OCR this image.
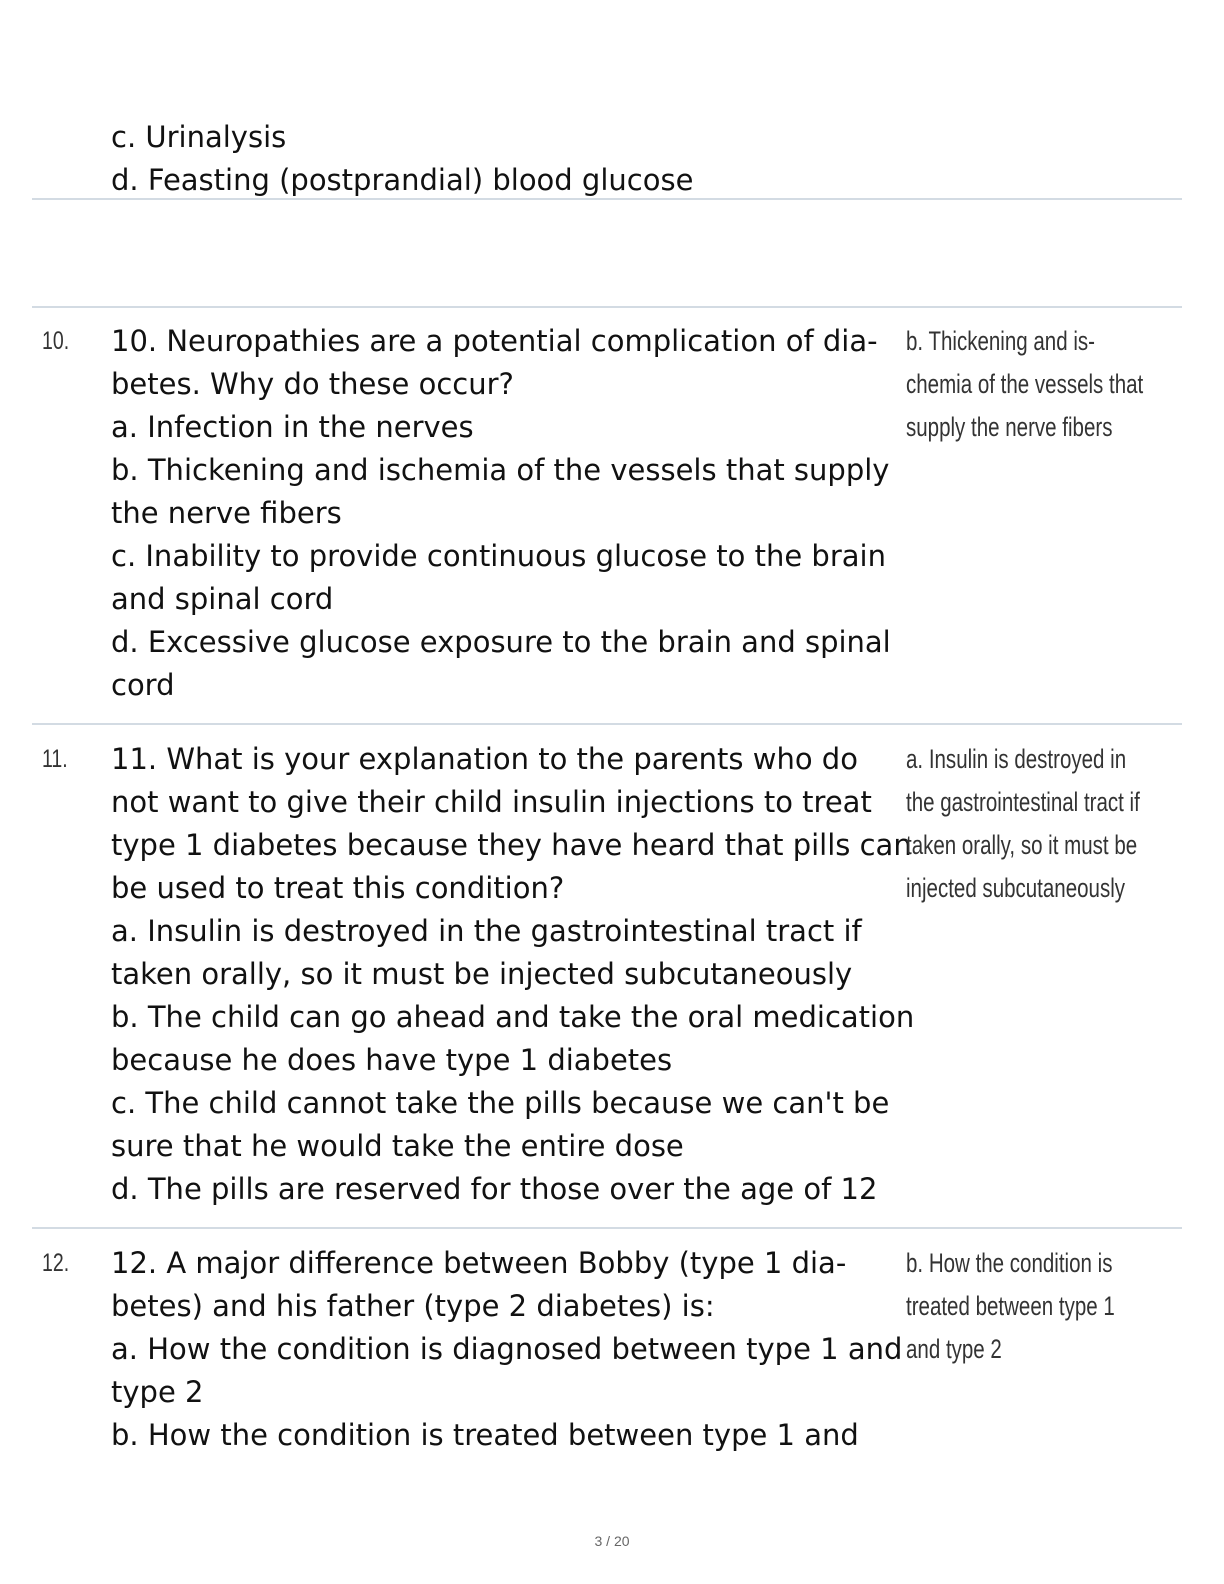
c. Urinalysis
d. Feasting (postprandial) blood glucose
10. 10. Neuropathies are a potential complication of dia-
betes. Why do these occur?
a. Infection in the nerves
b. Thickening and ischemia of the vessels that supply
the nerve fibers
c. Inability to provide continuous glucose to the brain
and spinal cord
d. Excessive glucose exposure to the brain and spinal
cord
b. Thickening and is-
chemia of the vessels that
supply the nerve fibers
11. 11. What is your explanation to the parents who do
not want to give their child insulin injections to treat
type 1 diabetes because they have heard that pills can
be used to treat this condition?
a. Insulin is destroyed in the gastrointestinal tract if
taken orally, so it must be injected subcutaneously
b. The child can go ahead and take the oral medication
because he does have type 1 diabetes
c. The child cannot take the pills because we can't be
sure that he would take the entire dose
d. The pills are reserved for those over the age of 12
a. Insulin is destroyed in
the gastrointestinal tract if
taken orally, so it must be
injected subcutaneously
12. 12. A major difference between Bobby (type 1 dia-
betes) and his father (type 2 diabetes) is:
a. How the condition is diagnosed between type 1 and
type 2
b. How the condition is treated between type 1 and
b. How the condition is
treated between type 1
and type 2
3 / 20
